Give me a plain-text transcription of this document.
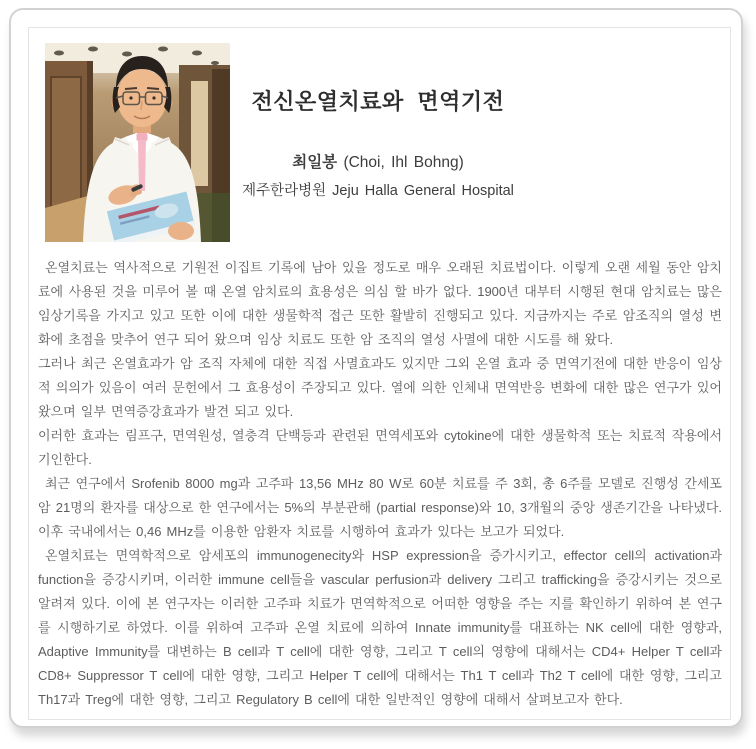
전신온열치료와 면역기전
최일봉 (Choi, Ihl Bohng)
제주한라병원 Jeju Halla General Hospital

온열치료는 역사적으로 기원전 이집트 기록에 남아 있을 정도로 매우 오래된 치료법이다. 이렇게 오랜 세월 동안 암치료에 사용된 것을 미루어 볼 때 온열 암치료의 효용성은 의심 할 바가 없다. 1900년 대부터 시행된 현대 암치료는 많은 임상기록을 가지고 있고 또한 이에 대한 생물학적 접근 또한 활발히 진행되고 있다. 지금까지는 주로 암조직의 열성 변화에 초점을 맞추어 연구 되어 왔으며 임상 치료도 또한 암 조직의 열성 사멸에 대한 시도를 해 왔다.

그러나 최근 온열효과가 암 조직 자체에 대한 직접 사멸효과도 있지만 그외 온열 효과 중 면역기전에 대한 반응이 임상적 의의가 있음이 여러 문헌에서 그 효용성이 주장되고 있다. 열에 의한 인체내 면역반응 변화에 대한 많은 연구가 있어왔으며 일부 면역증강효과가 발견 되고 있다.

이러한 효과는 림프구, 면역원성, 열충격 단백등과 관련된 면역세포와 cytokine에 대한 생물학적 또는 치료적 작용에서 기인한다.

최근 연구에서 Srofenib 8000 mg과 고주파 13,56 MHz 80 W로 60분 치료를 주 3회, 총 6주를 모델로 진행성 간세포암 21명의 환자를 대상으로 한 연구에서는 5%의 부분관해 (partial response)와 10, 3개월의 중앙 생존기간을 나타냈다. 이후 국내에서는 0,46 MHz를 이용한 암환자 치료를 시행하여 효과가 있다는 보고가 되었다.

온열치료는 면역학적으로 암세포의 immunogenecity와 HSP expression을 증가시키고, effector cell의 activation과 function을 증강시키며, 이러한 immune cell들을 vascular perfusion과 delivery 그리고 trafficking을 증강시키는 것으로 알려져 있다. 이에 본 연구자는 이러한 고주파 치료가 면역학적으로 어떠한 영향을 주는 지를 확인하기 위하여 본 연구를 시행하기로 하였다. 이를 위하여 고주파 온열 치료에 의하여 Innate immunity를 대표하는 NK cell에 대한 영향과, Adaptive Immunity를 대변하는 B cell과 T cell에 대한 영향, 그리고 T cell의 영향에 대해서는 CD4+ Helper T cell과 CD8+ Suppressor T cell에 대한 영향, 그리고 Helper T cell에 대해서는 Th1 T cell과 Th2 T cell에 대한 영향, 그리고 Th17과 Treg에 대한 영향, 그리고 Regulatory B cell에 대한 일반적인 영향에 대해서 살펴보고자 한다.
